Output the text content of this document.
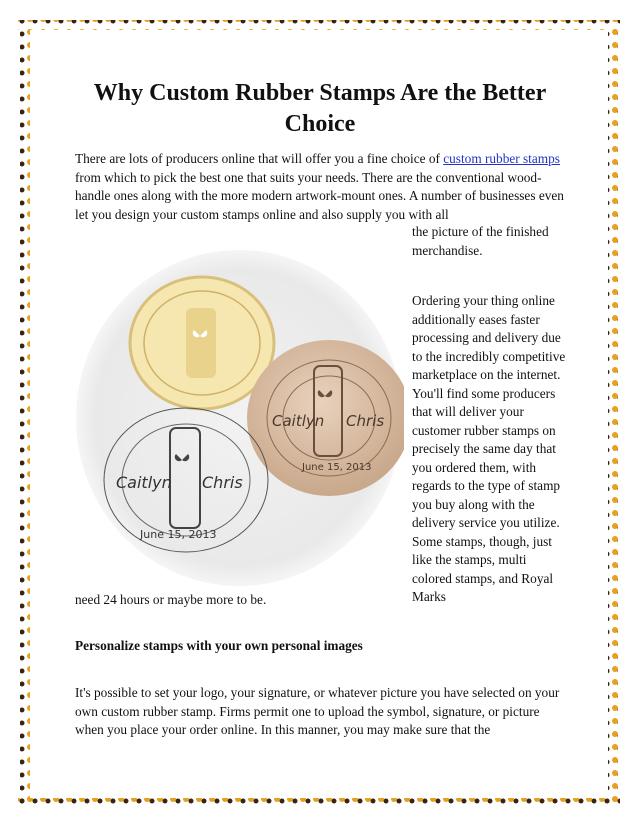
Why Custom Rubber Stamps Are the Better Choice
There are lots of producers online that will offer you a fine choice of custom rubber stamps from which to pick the best one that suits your needs. There are the conventional wood-handle ones along with the more modern artwork-mount ones. A number of businesses even let you design your custom stamps online and also supply you with all
Caitlyn Chris
June 15, 2013
Caitlyn Chris
June 15, 2013
the picture of the finished merchandise.
Ordering your thing online additionally eases faster processing and delivery due to the incredibly competitive marketplace on the internet. You'll find some producers that will deliver your customer rubber stamps on precisely the same day that you ordered them, with regards to the type of stamp you buy along with the delivery service you utilize. Some stamps, though, just like the stamps, multi colored stamps, and Royal Marks
need 24 hours or maybe more to be.
Personalize stamps with your own personal images
It's possible to set your logo, your signature, or whatever picture you have selected on your own custom rubber stamp. Firms permit one to upload the symbol, signature, or picture when you place your order online. In this manner, you may make sure that the
